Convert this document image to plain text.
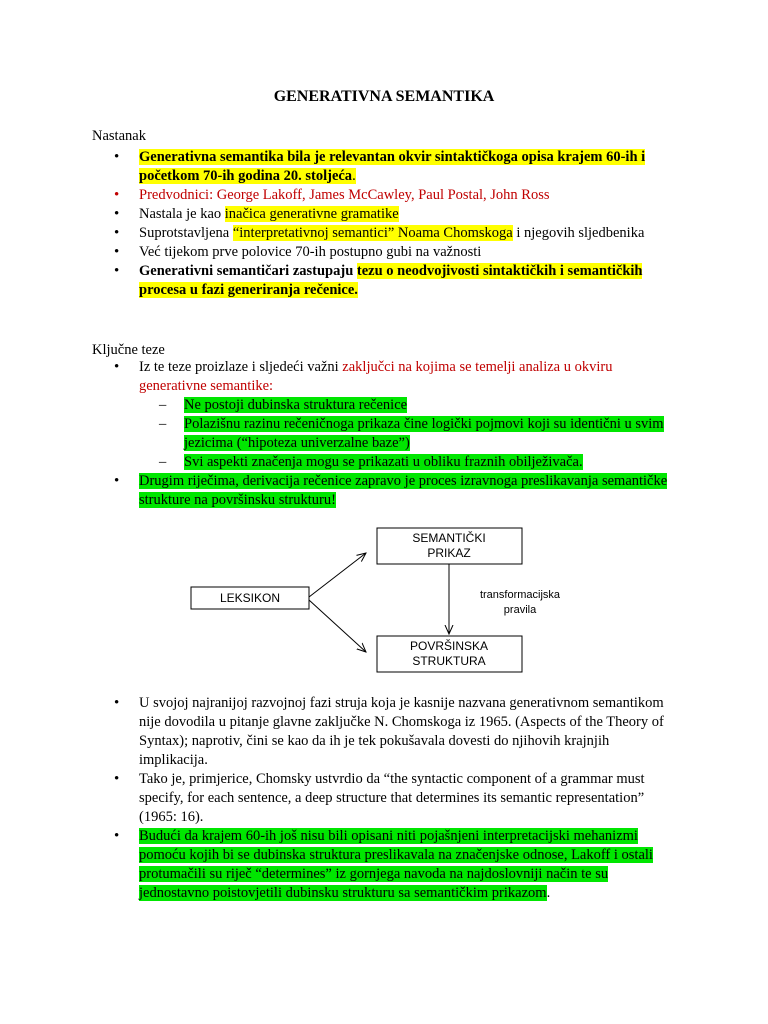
GENERATIVNA SEMANTIKA
Nastanak
• Generativna semantika bila je relevantan okvir sintaktičkoga opisa krajem 60-ih i početkom 70-ih godina 20. stoljeća.
• Predvodnici: George Lakoff, James McCawley, Paul Postal, John Ross
• Nastala je kao inačica generativne gramatike
• Suprotstavljena “interpretativnoj semantici” Noama Chomskoga i njegovih sljedbenika
• Već tijekom prve polovice 70-ih postupno gubi na važnosti
• Generativni semantičari zastupaju tezu o neodvojivosti sintaktičkih i semantičkih procesa u fazi generiranja rečenice.
Ključne teze
• Iz te teze proizlaze i sljedeći važni zaključci na kojima se temelji analiza u okviru generativne semantike:
– Ne postoji dubinska struktura rečenice
– Polazišnu razinu rečeničnoga prikaza čine logički pojmovi koji su identični u svim jezicima (“hipoteza univerzalne baze”)
– Svi aspekti značenja mogu se prikazati u obliku fraznih obilježivača.
• Drugim riječima, derivacija rečenice zapravo je proces izravnoga preslikavanja semantičke strukture na površinsku strukturu!
LEKSIKON
SEMANTIČKI
PRIKAZ
POVRŠINSKA
STRUKTURA
transformacijska
pravila
• U svojoj najranijoj razvojnoj fazi struja koja je kasnije nazvana generativnom semantikom nije dovodila u pitanje glavne zaključke N. Chomskoga iz 1965. (Aspects of the Theory of Syntax); naprotiv, čini se kao da ih je tek pokušavala dovesti do njihovih krajnjih implikacija.
• Tako je, primjerice, Chomsky ustvrdio da “the syntactic component of a grammar must specify, for each sentence, a deep structure that determines its semantic representation” (1965: 16).
• Budući da krajem 60-ih još nisu bili opisani niti pojašnjeni interpretacijski mehanizmi pomoću kojih bi se dubinska struktura preslikavala na značenjske odnose, Lakoff i ostali protumačili su riječ “determines” iz gornjega navoda na najdoslovniji način te su jednostavno poistovjetili dubinsku strukturu sa semantičkim prikazom.
